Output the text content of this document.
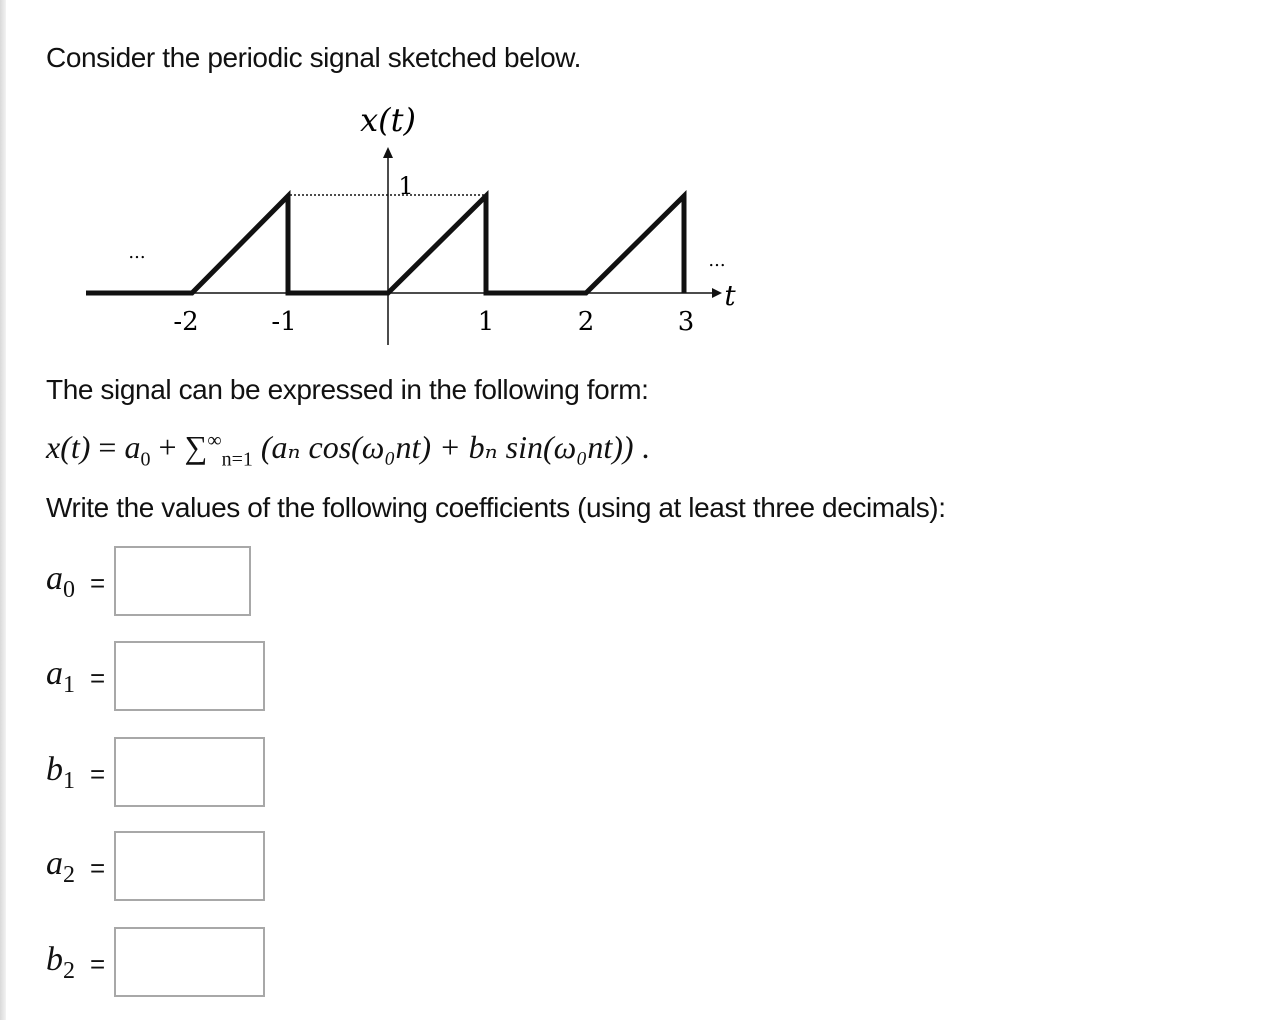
Consider the periodic signal sketched below.
x(t)
1
...	...
t
-2	-1	1	2	3
The signal can be expressed in the following form:
$x(t) = a_0 + \sum^\infty_{n=1}$ (aₙ cos(ω₀nt) + bₙ sin(ω₀nt)) .
Write the values of the following coefficients (using at least three decimals):
$a_0$ =
$a_1$ =
$b_1$ =
$a_2$ =
$b_2$ =
